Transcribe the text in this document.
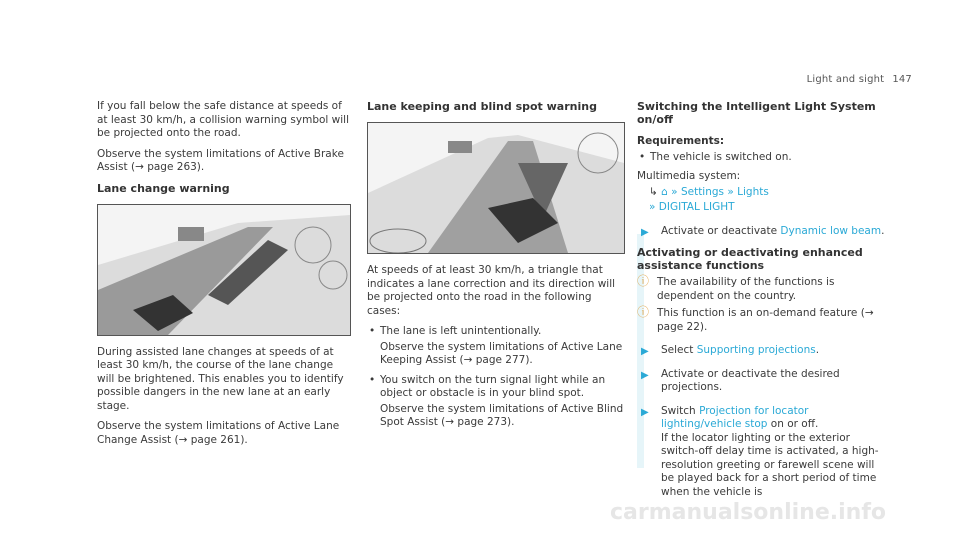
Light and sight 147

If you fall below the safe distance at speeds of at least 30 km/h, a collision warning symbol will be projected onto the road.

Observe the system limitations of Active Brake Assist (→ page 263).

Lane change warning

During assisted lane changes at speeds of at least 30 km/h, the course of the lane change will be brightened. This enables you to identify possible dangers in the new lane at an early stage.

Observe the system limitations of Active Lane Change Assist (→ page 261).

Lane keeping and blind spot warning

At speeds of at least 30 km/h, a triangle that indicates a lane correction and its direction will be projected onto the road in the following cases:

• The lane is left unintentionally.
Observe the system limitations of Active Lane Keeping Assist (→ page 277).
• You switch on the turn signal light while an object or obstacle is in your blind spot.
Observe the system limitations of Active Blind Spot Assist (→ page 273).
Switching the Intelligent Light System on/off
Requirements:
• The vehicle is switched on.

Multimedia system:

↳ ⌂ » Settings » Lights
» DIGITAL LIGHT
▶ Activate or deactivate Dynamic low beam.
Activating or deactivating enhanced assistance functions
ⓘ The availability of the functions is dependent on the country.
ⓘ This function is an on-demand feature (→ page 22).
▶ Select Supporting projections.
▶ Activate or deactivate the desired projections.
▶ Switch Projection for locator lighting/vehicle stop on or off.
If the locator lighting or the exterior switch-off delay time is activated, a high-resolution greeting or farewell scene will be played back for a short period of time when the vehicle is
carmanualsonline.info
